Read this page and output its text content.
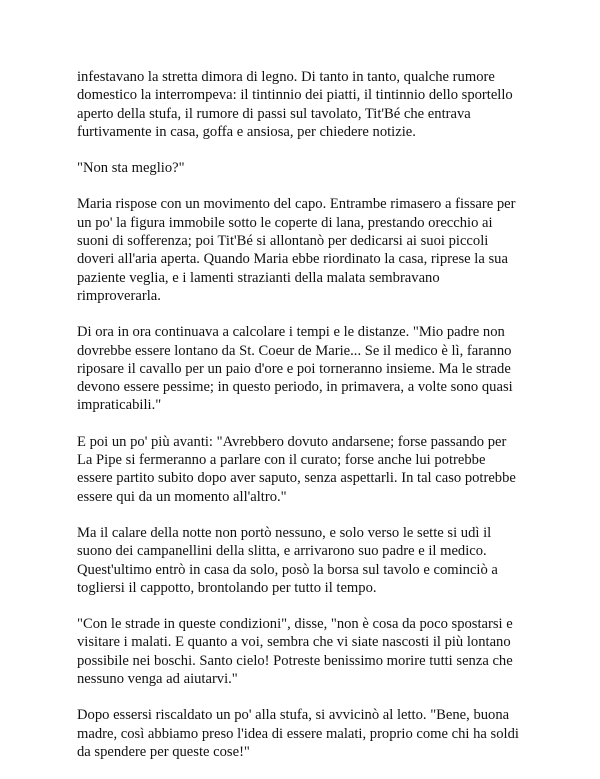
infestavano la stretta dimora di legno. Di tanto in tanto, qualche rumore
domestico la interrompeva: il tintinnio dei piatti, il tintinnio dello sportello
aperto della stufa, il rumore di passi sul tavolato, Tit'Bé che entrava
furtivamente in casa, goffa e ansiosa, per chiedere notizie.

"Non sta meglio?"

Maria rispose con un movimento del capo. Entrambe rimasero a fissare per
un po' la figura immobile sotto le coperte di lana, prestando orecchio ai
suoni di sofferenza; poi Tit'Bé si allontanò per dedicarsi ai suoi piccoli
doveri all'aria aperta. Quando Maria ebbe riordinato la casa, riprese la sua
paziente veglia, e i lamenti strazianti della malata sembravano
rimproverarla.

Di ora in ora continuava a calcolare i tempi e le distanze. "Mio padre non
dovrebbe essere lontano da St. Coeur de Marie... Se il medico è lì, faranno
riposare il cavallo per un paio d'ore e poi torneranno insieme. Ma le strade
devono essere pessime; in questo periodo, in primavera, a volte sono quasi
impraticabili."

E poi un po' più avanti: "Avrebbero dovuto andarsene; forse passando per
La Pipe si fermeranno a parlare con il curato; forse anche lui potrebbe
essere partito subito dopo aver saputo, senza aspettarli. In tal caso potrebbe
essere qui da un momento all'altro."

Ma il calare della notte non portò nessuno, e solo verso le sette si udì il
suono dei campanellini della slitta, e arrivarono suo padre e il medico.
Quest'ultimo entrò in casa da solo, posò la borsa sul tavolo e cominciò a
togliersi il cappotto, brontolando per tutto il tempo.

"Con le strade in queste condizioni", disse, "non è cosa da poco spostarsi e
visitare i malati. E quanto a voi, sembra che vi siate nascosti il più lontano
possibile nei boschi. Santo cielo! Potreste benissimo morire tutti senza che
nessuno venga ad aiutarvi."

Dopo essersi riscaldato un po' alla stufa, si avvicinò al letto. "Bene, buona
madre, così abbiamo preso l'idea di essere malati, proprio come chi ha soldi
da spendere per queste cose!"
